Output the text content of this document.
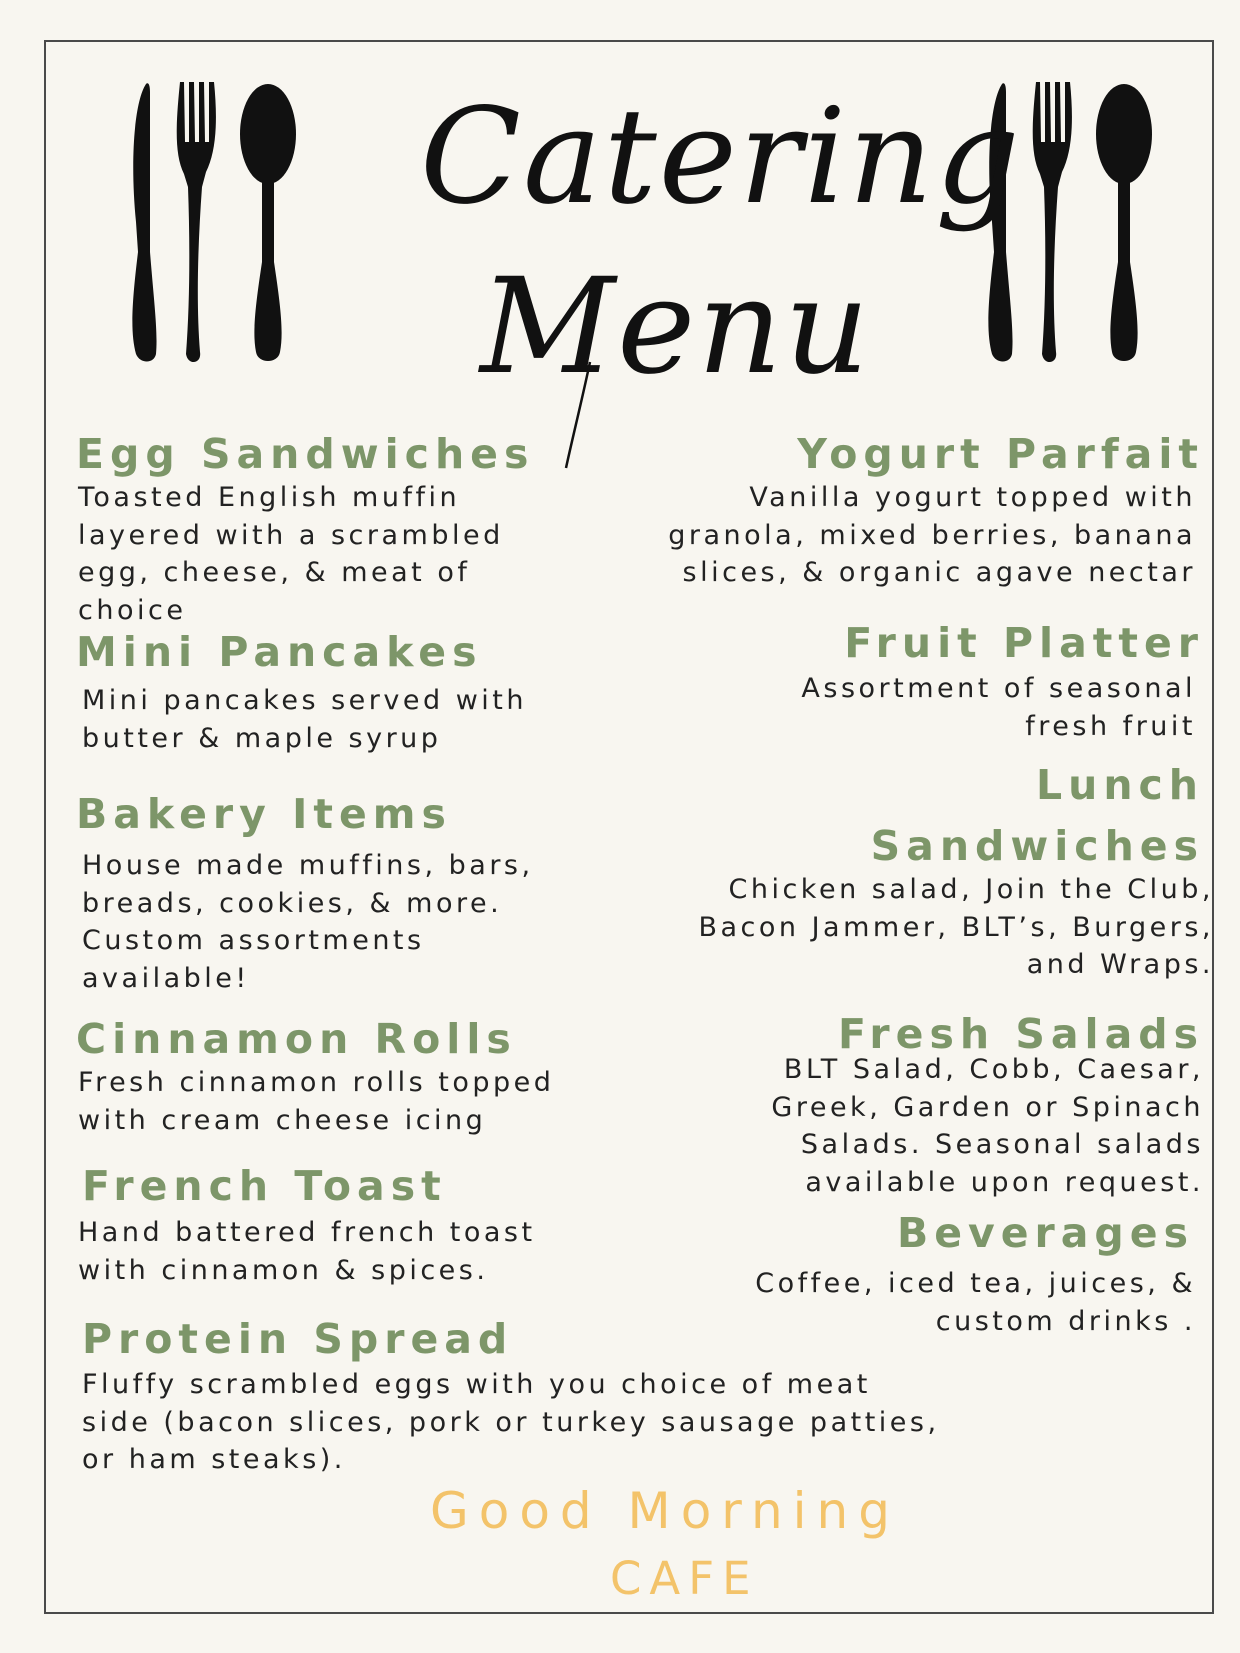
Catering
Menu
Egg Sandwiches
Toasted English muffin layered with a scrambled egg, cheese, & meat of choice
Mini Pancakes
Mini pancakes served with butter & maple syrup
Bakery Items
House made muffins, bars, breads, cookies, & more. Custom assortments available!
Cinnamon Rolls
Fresh cinnamon rolls topped with cream cheese icing
French Toast
Hand battered french toast with cinnamon & spices.
Protein Spread
Fluffy scrambled eggs with you choice of meat side (bacon slices, pork or turkey sausage patties, or ham steaks).
Yogurt Parfait
Vanilla yogurt topped with granola, mixed berries, banana slices, & organic agave nectar
Fruit Platter
Assortment of seasonal fresh fruit
Lunch
Sandwiches
Chicken salad, Join the Club, Bacon Jammer, BLT’s, Burgers, and Wraps.
Fresh Salads
BLT Salad, Cobb, Caesar, Greek, Garden or Spinach Salads. Seasonal salads available upon request.
Beverages
Coffee, iced tea, juices, & custom drinks .
Good Morning
CAFE
